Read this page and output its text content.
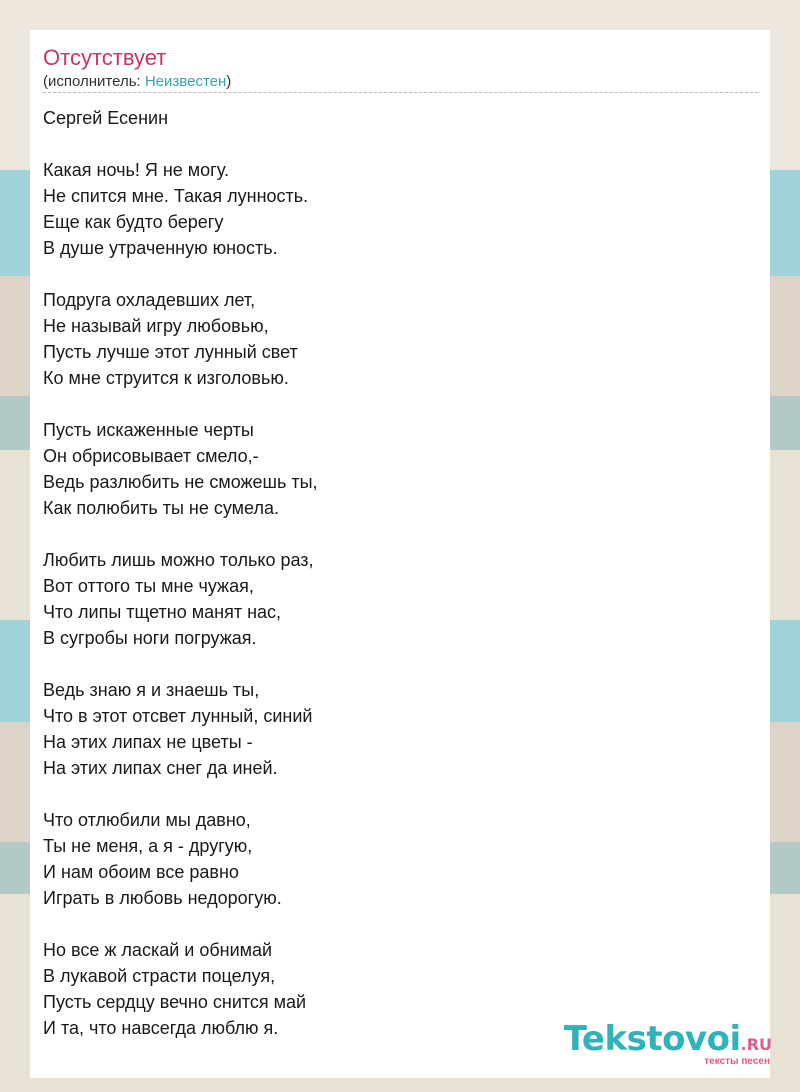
Отсутствует
(исполнитель: Неизвестен)
Сергей Есенин
Какая ночь! Я не могу.
Не спится мне. Такая лунность.
Еще как будто берегу
В душе утраченную юность.
Подруга охладевших лет,
Не называй игру любовью,
Пусть лучше этот лунный свет
Ко мне струится к изголовью.
Пусть искаженные черты
Он обрисовывает смело,-
Ведь разлюбить не сможешь ты,
Как полюбить ты не сумела.
Любить лишь можно только раз,
Вот оттого ты мне чужая,
Что липы тщетно манят нас,
В сугробы ноги погружая.
Ведь знаю я и знаешь ты,
Что в этот отсвет лунный, синий
На этих липах не цветы -
На этих липах снег да иней.
Что отлюбили мы давно,
Ты не меня, а я - другую,
И нам обоим все равно
Играть в любовь недорогую.
Но все ж ласкай и обнимай
В лукавой страсти поцелуя,
Пусть сердцу вечно снится май
И та, что навсегда люблю я.	Tekstovoi.RU
тексты песен
